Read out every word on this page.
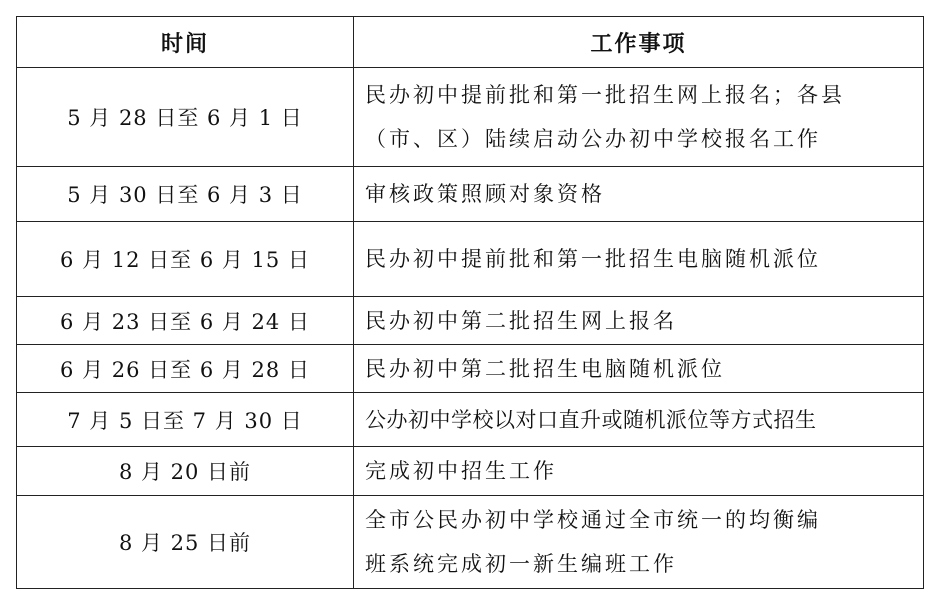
时间	工作事项
5 月 28 日至 6 月 1 日	民办初中提前批和第一批招生网上报名；各县
（市、区）陆续启动公办初中学校报名工作

5 月 30 日至 6 月 3 日	审核政策照顾对象资格

6 月 12 日至 6 月 15 日	民办初中提前批和第一批招生电脑随机派位

6 月 23 日至 6 月 24 日	民办初中第二批招生网上报名

6 月 26 日至 6 月 28 日	民办初中第二批招生电脑随机派位

7 月 5 日至 7 月 30 日	公办初中学校以对口直升或随机派位等方式招生

8 月 20 日前	完成初中招生工作

8 月 25 日前	全市公民办初中学校通过全市统一的均衡编
班系统完成初一新生编班工作
